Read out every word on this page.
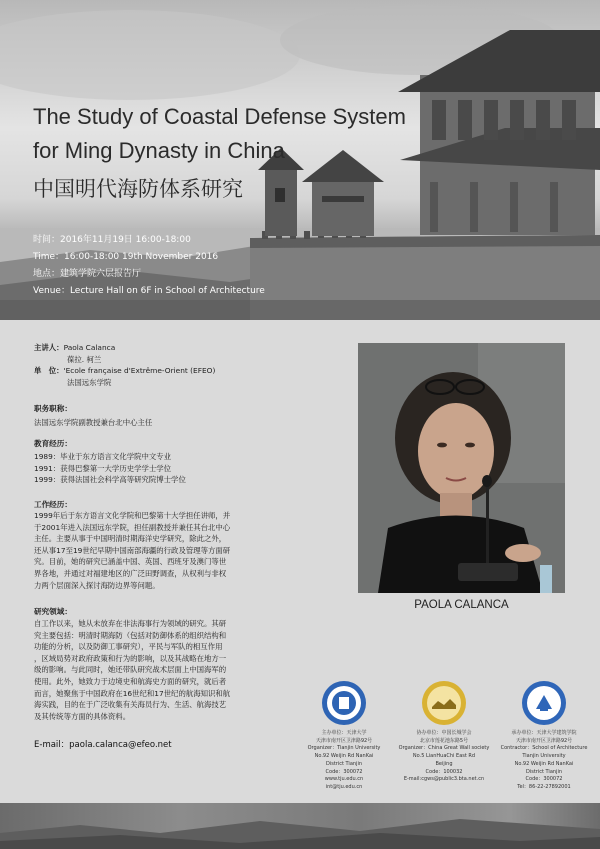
The Study of Coastal Defense System
for Ming Dynasty in China
中国明代海防体系研究
时间：2016年11月19日 16:00-18:00
Time：16:00-18:00 19th November 2016
地点：建筑学院六层报告厅
Venue：Lecture Hall on 6F in School of Architecture
主讲人：Paola Calanca
葆拉. 柯兰
单　位：'Ecole française d'Extrême-Orient (EFEO)
法国远东学院
职务职称：
法国远东学院副教授兼台北中心主任
教育经历：
1989：毕业于东方语言文化学院中文专业
1991：获得巴黎第一大学历史学学士学位
1999：获得法国社会科学高等研究院博士学位
工作经历：
1999年后于东方语言文化学院和巴黎第十大学担任讲师，并
于2001年进入法国远东学院，担任副教授并兼任其台北中心
主任。主要从事于中国明清时期海洋史学研究，除此之外，
还从事17至19世纪早期中国南部海疆的行政及管理等方面研
究。目前，她的研究已涵盖中国、英国、西班牙及澳门等世
界各地，并通过对福建地区的广泛田野调查，从权利与非权
力两个层面深入探讨海防边界等问题。
研究领域：
自工作以来，她从未放弃在非法海事行为领域的研究。其研
究主要包括：明清时期海防（包括对防御体系的组织结构和
功能的分析，以及防御工事研究），平民与军队的相互作用
，区域局势对政府政策和行为的影响，以及其战略在地方一
级的影响。与此同时，她还带队研究战术层面上中国海军的
使用。此外，她致力于边境史和航海史方面的研究，就后者
而言，她聚焦于中国政府在16世纪和17世纪的航海知识和航
海实践，目的在于广泛收集有关海员行为、生活、航海技艺
及其传统等方面的具体资料。
E-mail：paola.calanca@efeo.net
PAOLA CALANCA
主办单位：天津大学
天津市南开区卫津路92号
Organizer：Tianjin University
No.92 Weijin Rd NanKai
District Tianjin
Code：300072
www.tju.edu.cn
int@tju.edu.cn
协办单位：中国长城学会
北京市莲花池东路5号
Organizer：China Great Wall society
No.5 LianHuaChi East Rd
Beijing
Code：100032
E-mail:cgws@public3.bta.net.cn
承办单位：天津大学建筑学院
天津市南开区卫津路92号
Contractor：School of Architecture
Tianjin University
No.92 Weijin Rd NanKai
District Tianjin
Code：300072
Tel：86-22-27892001
